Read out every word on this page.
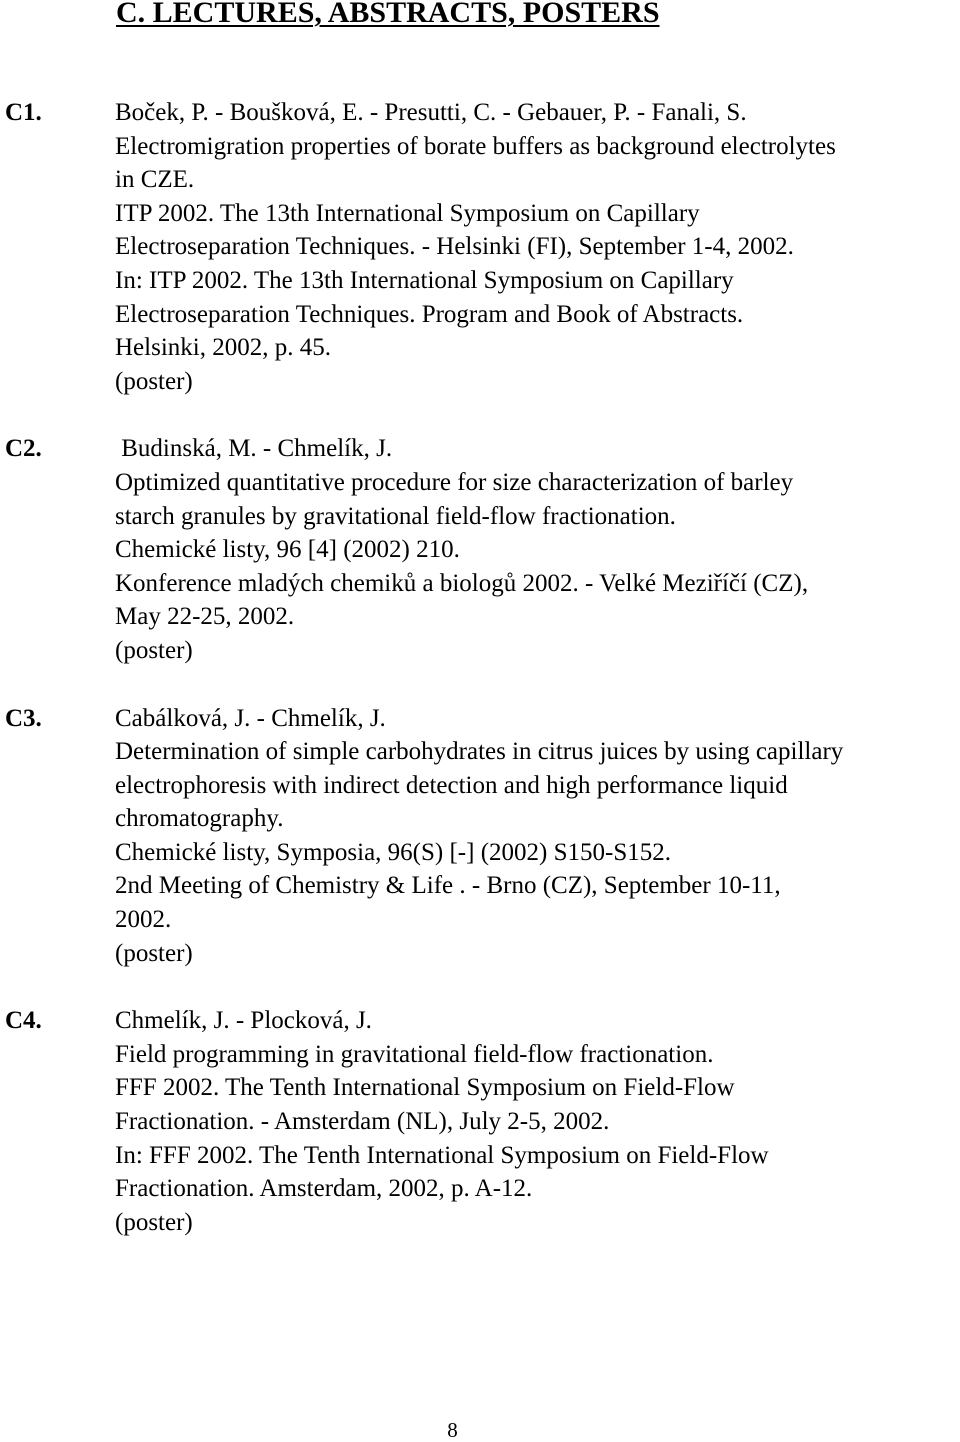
C. LECTURES, ABSTRACTS, POSTERS
C1.	Boček, P. - Boušková, E. - Presutti, C. - Gebauer, P. - Fanali, S.
Electromigration properties of borate buffers as background electrolytes
in CZE.
ITP 2002. The 13th International Symposium on Capillary
Electroseparation Techniques. - Helsinki (FI), September 1-4, 2002.
In: ITP 2002. The 13th International Symposium on Capillary
Electroseparation Techniques. Program and Book of Abstracts.
Helsinki, 2002, p. 45.
(poster)
C2.	Budinská, M. - Chmelík, J.
Optimized quantitative procedure for size characterization of barley
starch granules by gravitational field-flow fractionation.
Chemické listy, 96 [4] (2002) 210.
Konference mladých chemiků a biologů 2002. - Velké Meziříčí (CZ),
May 22-25, 2002.
(poster)
C3.	Cabálková, J. - Chmelík, J.
Determination of simple carbohydrates in citrus juices by using capillary
electrophoresis with indirect detection and high performance liquid
chromatography.
Chemické listy, Symposia, 96(S) [-] (2002) S150-S152.
2nd Meeting of Chemistry & Life . - Brno (CZ), September 10-11,
2002.
(poster)
C4.	Chmelík, J. - Plocková, J.
Field programming in gravitational field-flow fractionation.
FFF 2002. The Tenth International Symposium on Field-Flow
Fractionation. - Amsterdam (NL), July 2-5, 2002.
In: FFF 2002. The Tenth International Symposium on Field-Flow
Fractionation. Amsterdam, 2002, p. A-12.
(poster)
8
